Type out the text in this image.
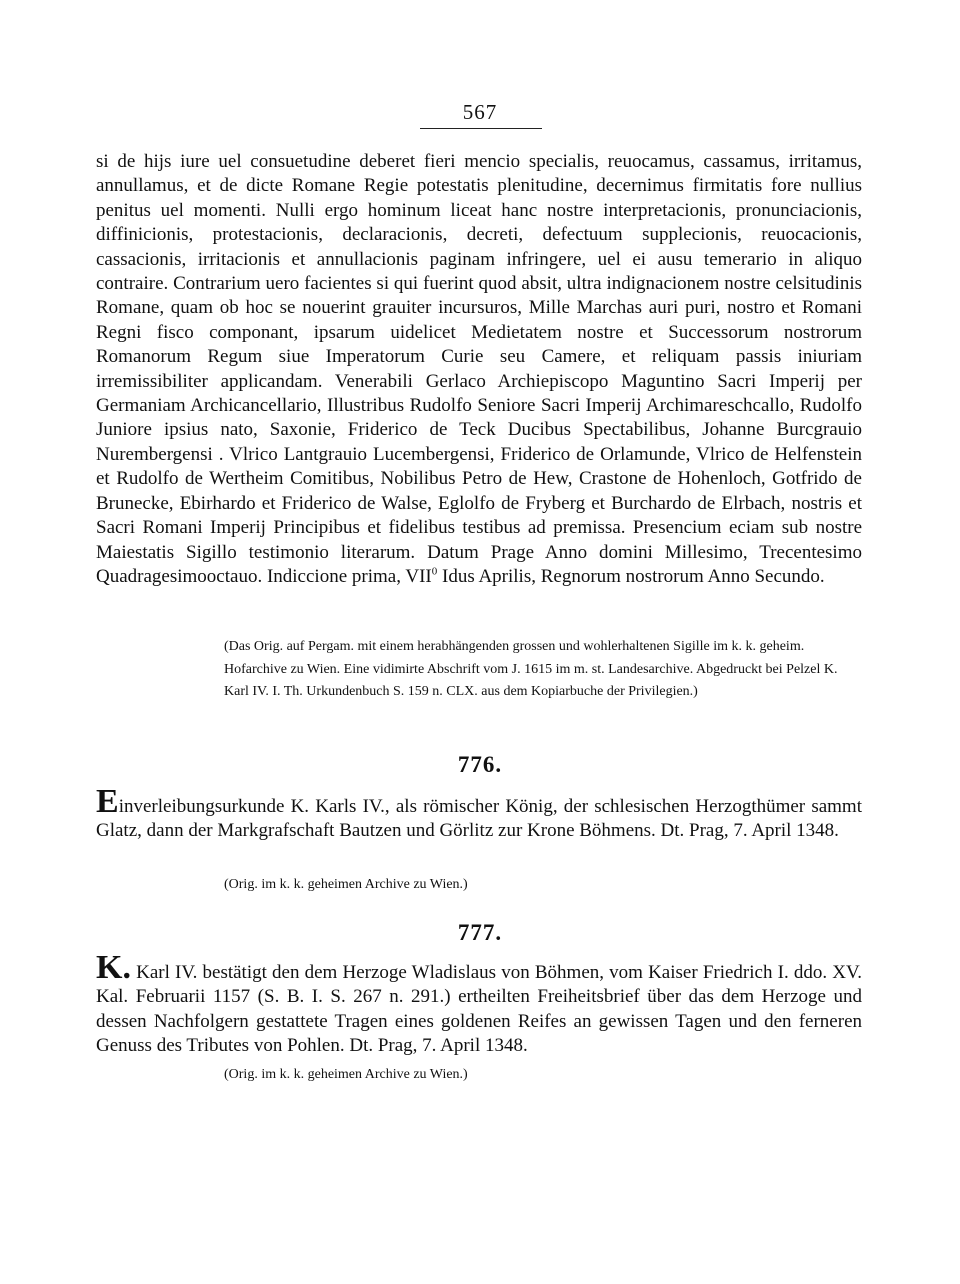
567

si de hijs iure uel consuetudine deberet fieri mencio specialis, reuocamus, cassamus, irritamus, annullamus, et de dicte Romane Regie potestatis plenitudine, decernimus firmitatis fore nullius penitus uel momenti. Nulli ergo hominum liceat hanc nostre interpretacionis, pronunciacionis, diffinicionis, protestacionis, declaracionis, decreti, defectuum supplecionis, reuocacionis, cassacionis, irritacionis et annullacionis paginam infringere, uel ei ausu temerario in aliquo contraire. Contrarium uero facientes si qui fuerint quod absit, ultra indignacionem nostre celsitudinis Romane, quam ob hoc se nouerint grauiter incursuros, Mille Marchas auri puri, nostro et Romani Regni fisco componant, ipsarum uidelicet Medietatem nostre et Successorum nostrorum Romanorum Regum siue Imperatorum Curie seu Camere, et reliquam passis iniuriam irremissibiliter applicandam. Venerabili Gerlaco Archiepiscopo Maguntino Sacri Imperij per Germaniam Archicancellario, Illustribus Rudolfo Seniore Sacri Imperij Archimareschcallo, Rudolfo Juniore ipsius nato, Saxonie, Friderico de Teck Ducibus Spectabilibus, Johanne Burcgrauio Nurembergensi . Vlrico Lantgrauio Lucembergensi, Friderico de Orlamunde, Vlrico de Helfenstein et Rudolfo de Wertheim Comitibus, Nobilibus Petro de Hew, Crastone de Hohenloch, Gotfrido de Brunecke, Ebirhardo et Friderico de Walse, Eglolfo de Fryberg et Burchardo de Elrbach, nostris et Sacri Romani Imperij Principibus et fidelibus testibus ad premissa. Presencium eciam sub nostre Maiestatis Sigillo testimonio literarum. Datum Prage Anno domini Millesimo, Trecentesimo Quadragesimooctauo. Indiccione prima, VII$^0$ Idus Aprilis, Regnorum nostrorum Anno Secundo.

(Das Orig. auf Pergam. mit einem herabhängenden grossen und wohlerhaltenen Sigille im k. k. geheim. Hofarchive zu Wien. Eine vidimirte Abschrift vom J. 1615 im m. st. Landesarchive. Abgedruckt bei Pelzel K. Karl IV. I. Th. Urkundenbuch S. 159 n. CLX. aus dem Kopiarbuche der Privilegien.)
776.

Einverleibungsurkunde K. Karls IV., als römischer König, der schlesischen Herzogthümer sammt Glatz, dann der Markgrafschaft Bautzen und Görlitz zur Krone Böhmens. Dt. Prag, 7. April 1348.

(Orig. im k. k. geheimen Archive zu Wien.)
777.

K. Karl IV. bestätigt den dem Herzoge Wladislaus von Böhmen, vom Kaiser Friedrich I. ddo. XV. Kal. Februarii 1157 (S. B. I. S. 267 n. 291.) ertheilten Freiheitsbrief über das dem Herzoge und dessen Nachfolgern gestattete Tragen eines goldenen Reifes an gewissen Tagen und den ferneren Genuss des Tributes von Pohlen. Dt. Prag, 7. April 1348.

(Orig. im k. k. geheimen Archive zu Wien.)
